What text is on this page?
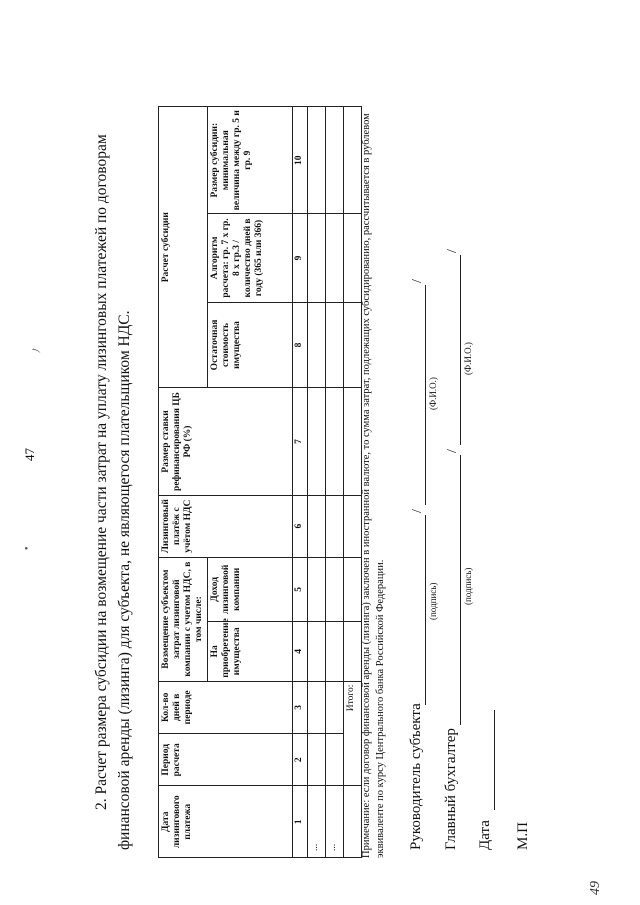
ﾉ
47
•	2. Расчет размера субсидии на возмещение части затрат на уплату лизинговых платежей по договорам финансовой аренды (лизинга) для субъекта, не являющегося плательщиком НДС.	Дата лизингового платежа	Период расчета	Кол-во дней в периоде	Возмещение субъектом затрат лизинговой компании с учетом НДС, в том числе:		Лизинговый платёж с учётом НДС	Размер ставки рефинансирования ЦБ РФ (%)	Расчет субсидии		
			На приобретение имущества	Доход лизинговой компании			Остаточная стоимость имущества	Алгоритм расчета: гр. 7 х гр. 8 х гр.3 / количество дней в году (365 или 366)	Размер субсидии: минимальная величина между гр. 5 и гр. 9

1	2	3	4	5	6	7	8	9	10
...									
...									
	Итого:								Примечание: если договор финансовой аренды (лизинга) заключен в иностранной валюте, то сумма затрат, подлежащих субсидированию, рассчитывается в рублевом эквиваленте по курсу Центрального банка Российской Федерации. Руководитель субъекта
/
/
(подпись)
(Ф.И.О.)
Главный бухгалтер
/
/
(подпись)
(Ф.И.О.)
Дата М.П
49
